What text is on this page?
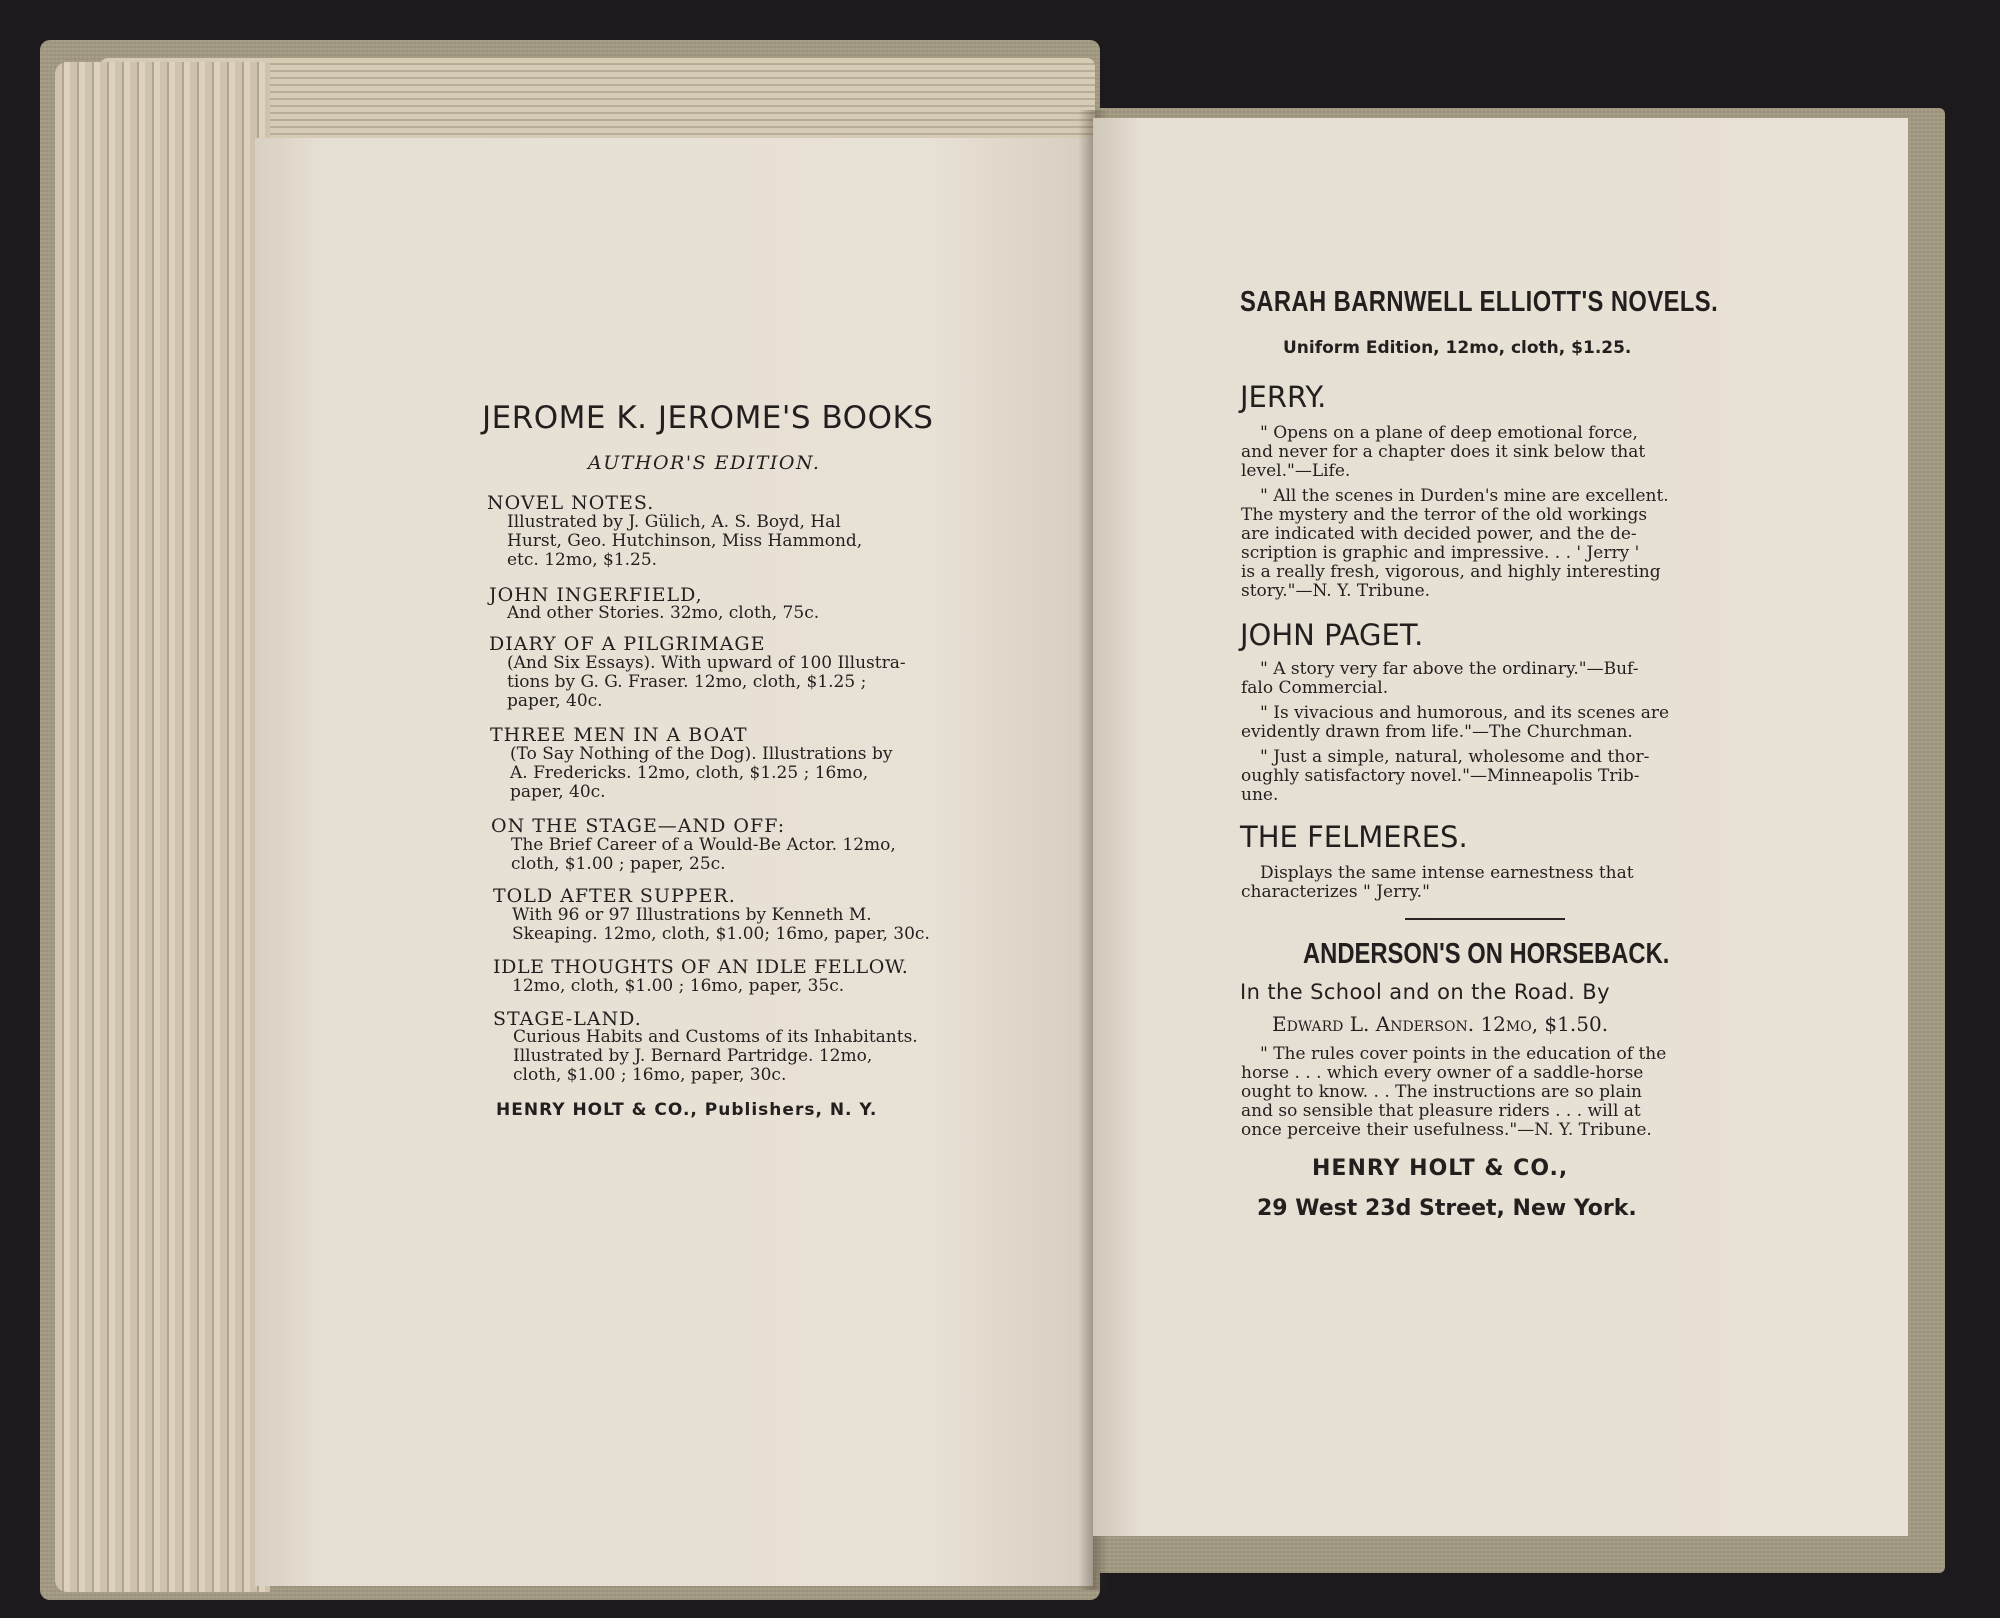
JEROME K. JEROME'S BOOKS
AUTHOR'S EDITION.
NOVEL NOTES.
Illustrated by J. Gülich, A. S. Boyd, Hal
Hurst, Geo. Hutchinson, Miss Hammond,
etc. 12mo, $1.25.
JOHN INGERFIELD,
And other Stories. 32mo, cloth, 75c.
DIARY OF A PILGRIMAGE
(And Six Essays). With upward of 100 Illustra-
tions by G. G. Fraser. 12mo, cloth, $1.25 ;
paper, 40c.
THREE MEN IN A BOAT
(To Say Nothing of the Dog). Illustrations by
A. Fredericks. 12mo, cloth, $1.25 ; 16mo,
paper, 40c.
ON THE STAGE—AND OFF:
The Brief Career of a Would-Be Actor. 12mo,
cloth, $1.00 ; paper, 25c.
TOLD AFTER SUPPER.
With 96 or 97 Illustrations by Kenneth M.
Skeaping. 12mo, cloth, $1.00; 16mo, paper, 30c.
IDLE THOUGHTS OF AN IDLE FELLOW.
12mo, cloth, $1.00 ; 16mo, paper, 35c.
STAGE-LAND.
Curious Habits and Customs of its Inhabitants.
Illustrated by J. Bernard Partridge. 12mo,
cloth, $1.00 ; 16mo, paper, 30c.
HENRY HOLT & CO., Publishers, N. Y.
SARAH BARNWELL ELLIOTT'S NOVELS.
Uniform Edition, 12mo, cloth, $1.25.
JERRY.
" Opens on a plane of deep emotional force,
and never for a chapter does it sink below that
level."—Life.
" All the scenes in Durden's mine are excellent.
The mystery and the terror of the old workings
are indicated with decided power, and the de-
scription is graphic and impressive. . . ' Jerry '
is a really fresh, vigorous, and highly interesting
story."—N. Y. Tribune.
JOHN PAGET.
" A story very far above the ordinary."—Buf-
falo Commercial.
" Is vivacious and humorous, and its scenes are
evidently drawn from life."—The Churchman.
" Just a simple, natural, wholesome and thor-
oughly satisfactory novel."—Minneapolis Trib-
une.
THE FELMERES.
Displays the same intense earnestness that
characterizes " Jerry."
ANDERSON'S ON HORSEBACK.
In the School and on the Road. By
Edward L. Anderson. 12mo, $1.50.
" The rules cover points in the education of the
horse . . . which every owner of a saddle-horse
ought to know. . . The instructions are so plain
and so sensible that pleasure riders . . . will at
once perceive their usefulness."—N. Y. Tribune.
HENRY HOLT & CO.,
29 West 23d Street, New York.
